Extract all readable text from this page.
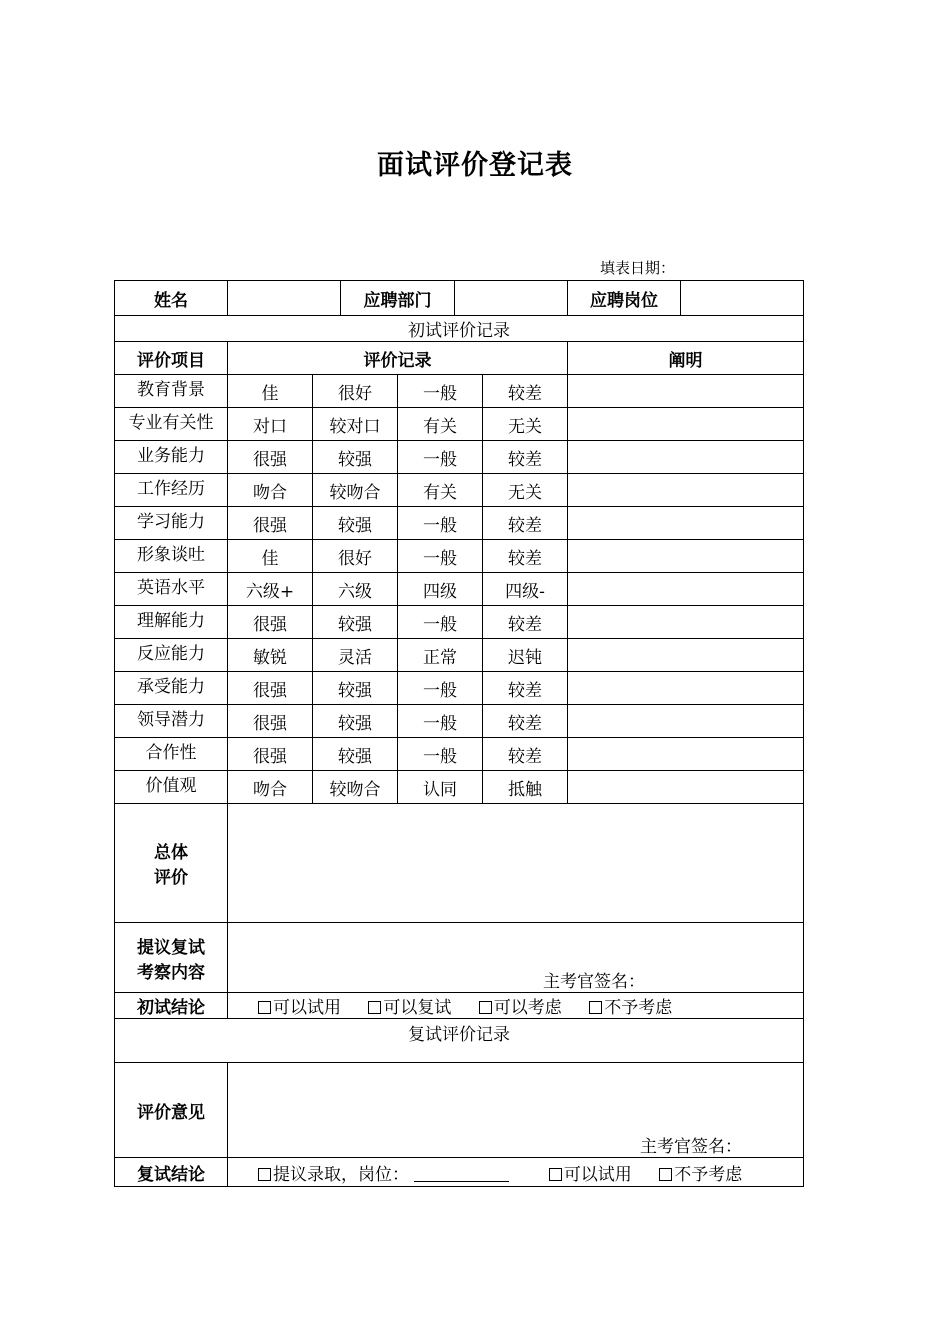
面试评价登记表
填表日期：
姓名			应聘部门				应聘岗位	
初试评价记录								
评价项目	评价记录						阐明	
教育背景	佳	很好		一般		较差		
专业有关性	对口	较对口		有关		无关		
业务能力	很强	较强		一般		较差		
工作经历	吻合	较吻合		有关		无关		
学习能力	很强	较强		一般		较差		
形象谈吐	佳	很好		一般		较差		
英语水平	六级+	六级		四级		四级-		
理解能力	很强	较强		一般		较差		
反应能力	敏锐	灵活		正常		迟钝		
承受能力	很强	较强		一般		较差		
领导潜力	很强	较强		一般		较差		
合作性	很强	较强		一般		较差		
价值观	吻合	较吻合		认同		抵触		
总体
评价								
提议复试
考察内容	主考官签名：							

初试结论	可以试用 可以复试 可以考虑 不予考虑							
复试评价记录								
评价意见	主考官签名：							

复试结论	提议录取，岗位： 可以试用 不予考虑							
